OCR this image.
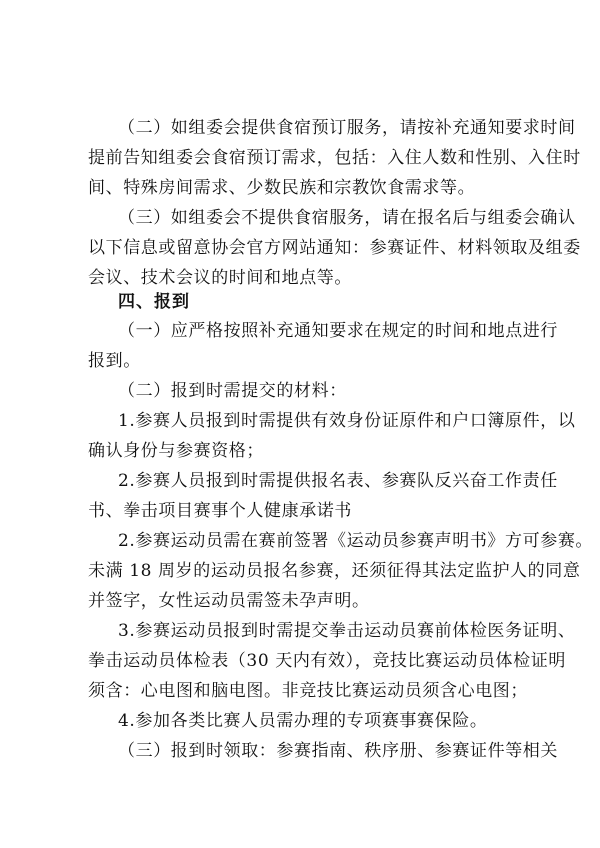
（二）如组委会提供食宿预订服务，请按补充通知要求时间
提前告知组委会食宿预订需求，包括：入住人数和性别、入住时
间、特殊房间需求、少数民族和宗教饮食需求等。
（三）如组委会不提供食宿服务，请在报名后与组委会确认
以下信息或留意协会官方网站通知：参赛证件、材料领取及组委
会议、技术会议的时间和地点等。
四、报到
（一）应严格按照补充通知要求在规定的时间和地点进行
报到。
（二）报到时需提交的材料：
1.参赛人员报到时需提供有效身份证原件和户口簿原件，以
确认身份与参赛资格；
2.参赛人员报到时需提供报名表、参赛队反兴奋工作责任
书、拳击项目赛事个人健康承诺书
2.参赛运动员需在赛前签署《运动员参赛声明书》方可参赛。
未满 18 周岁的运动员报名参赛，还须征得其法定监护人的同意
并签字，女性运动员需签未孕声明。
3.参赛运动员报到时需提交拳击运动员赛前体检医务证明、
拳击运动员体检表（30 天内有效），竞技比赛运动员体检证明
须含：心电图和脑电图。非竞技比赛运动员须含心电图；
4.参加各类比赛人员需办理的专项赛事赛保险。
（三）报到时领取：参赛指南、秩序册、参赛证件等相关
